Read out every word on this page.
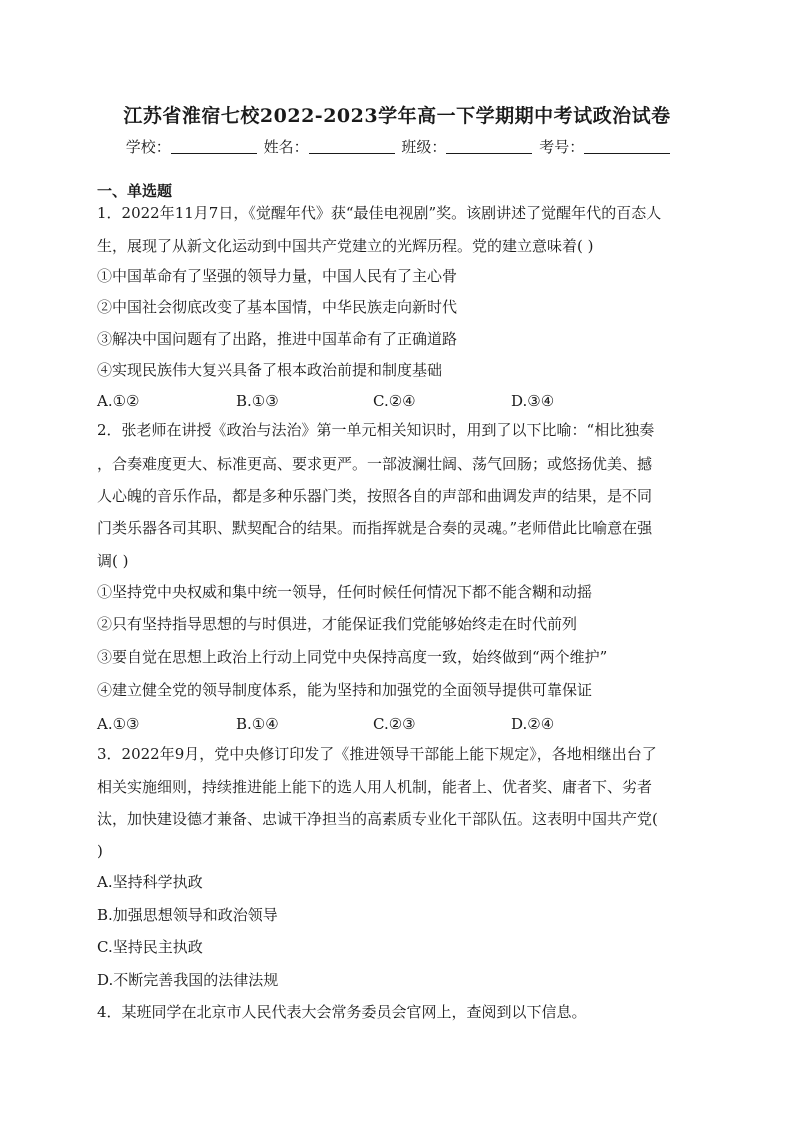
江苏省淮宿七校2022-2023学年高一下学期期中考试政治试卷
学校：	姓名：	班级：	考号：
一、单选题
1．2022年11月7日，《觉醒年代》获“最佳电视剧”奖。该剧讲述了觉醒年代的百态人
生，展现了从新文化运动到中国共产党建立的光辉历程。党的建立意味着( )
①中国革命有了坚强的领导力量，中国人民有了主心骨
②中国社会彻底改变了基本国情，中华民族走向新时代
③解决中国问题有了出路，推进中国革命有了正确道路
④实现民族伟大复兴具备了根本政治前提和制度基础
A.①②	B.①③	C.②④	D.③④
2．张老师在讲授《政治与法治》第一单元相关知识时，用到了以下比喻：“相比独奏
，合奏难度更大、标准更高、要求更严。一部波澜壮阔、荡气回肠；或悠扬优美、撼
人心魄的音乐作品，都是多种乐器门类，按照各自的声部和曲调发声的结果，是不同
门类乐器各司其职、默契配合的结果。而指挥就是合奏的灵魂。”老师借此比喻意在强
调( )
①坚持党中央权威和集中统一领导，任何时候任何情况下都不能含糊和动摇
②只有坚持指导思想的与时俱进，才能保证我们党能够始终走在时代前列
③要自觉在思想上政治上行动上同党中央保持高度一致，始终做到“两个维护”
④建立健全党的领导制度体系，能为坚持和加强党的全面领导提供可靠保证
A.①③	B.①④	C.②③	D.②④
3．2022年9月，党中央修订印发了《推进领导干部能上能下规定》，各地相继出台了
相关实施细则，持续推进能上能下的选人用人机制，能者上、优者奖、庸者下、劣者
汰，加快建设德才兼备、忠诚干净担当的高素质专业化干部队伍。这表明中国共产党(
)
A.坚持科学执政
B.加强思想领导和政治领导
C.坚持民主执政
D.不断完善我国的法律法规
4．某班同学在北京市人民代表大会常务委员会官网上，查阅到以下信息。
